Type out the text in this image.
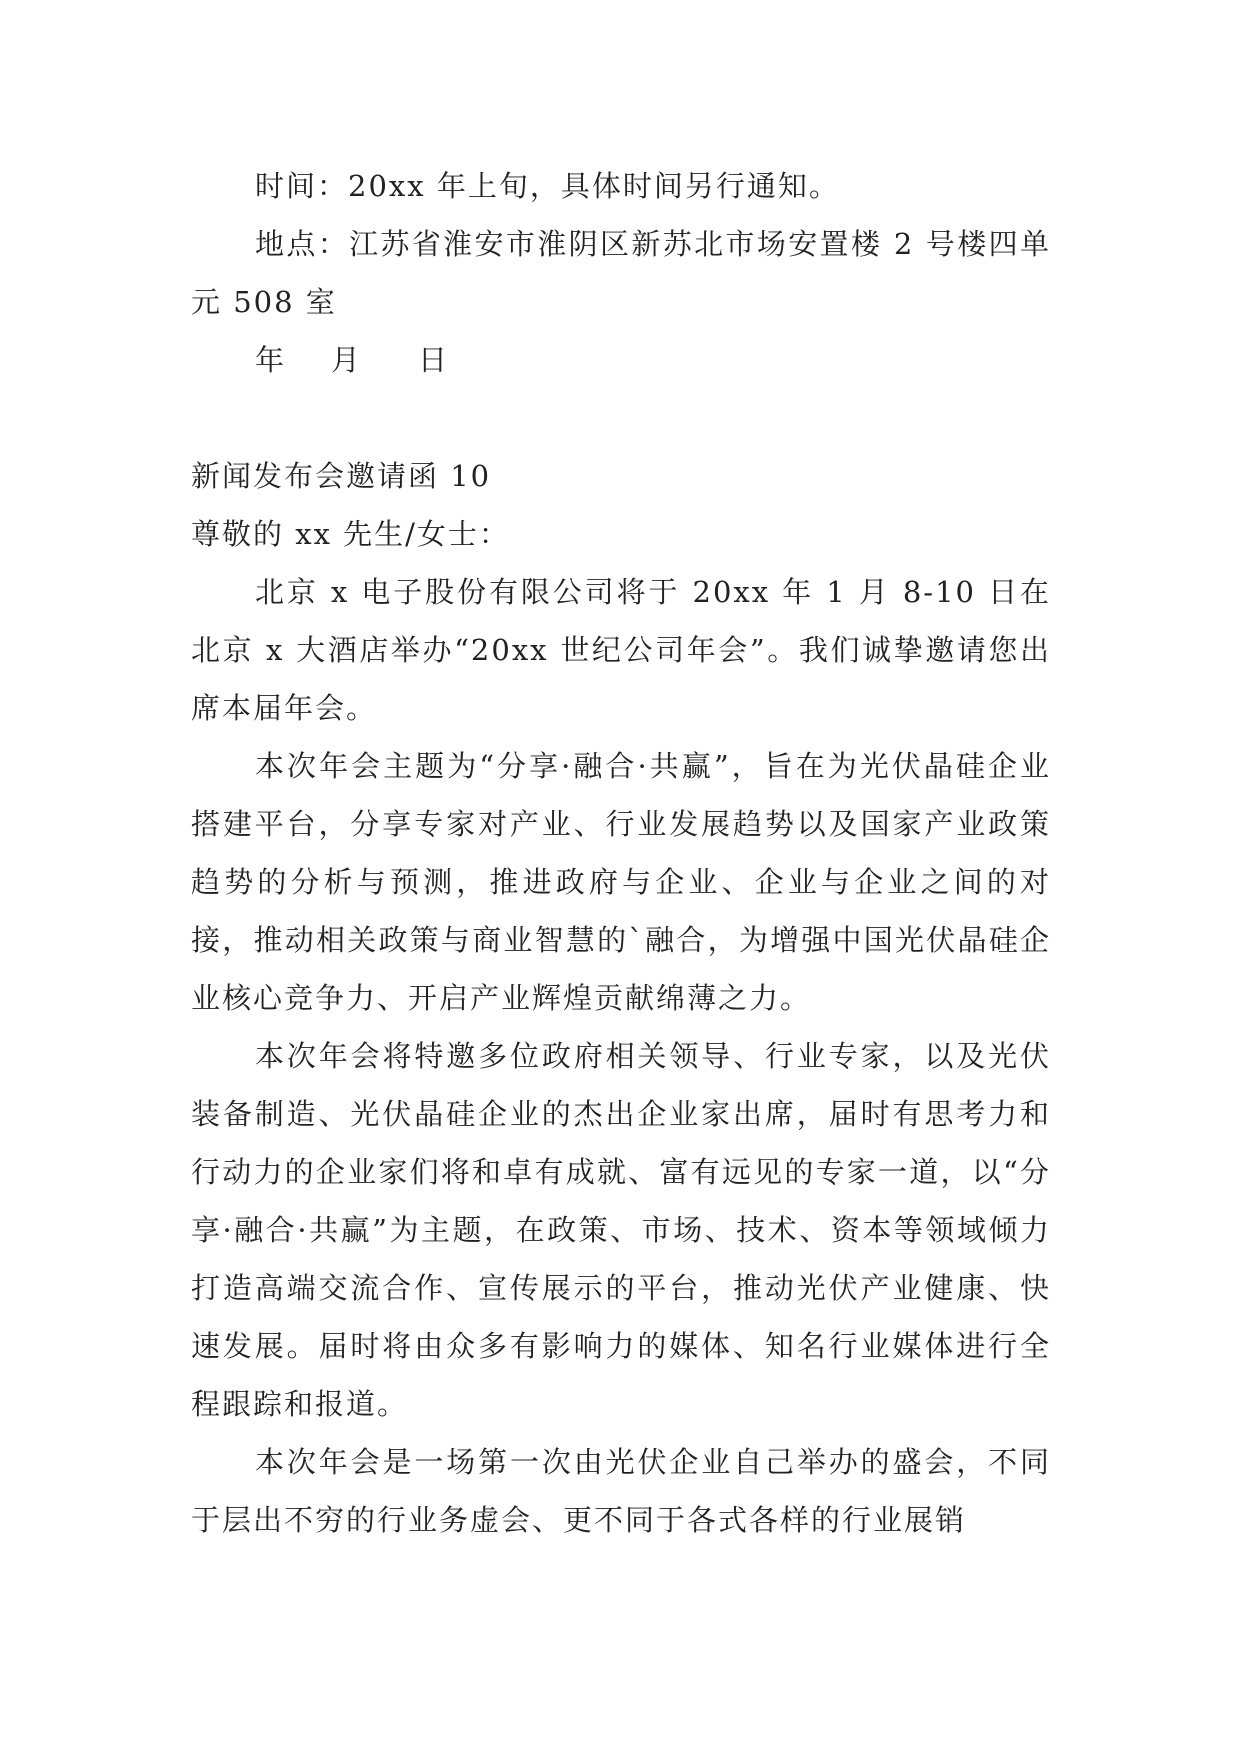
时间：20xx 年上旬，具体时间另行通知。

地点：江苏省淮安市淮阴区新苏北市场安置楼 2 号楼四单元 508 室

年    月     日

新闻发布会邀请函 10

尊敬的 xx 先生/女士：

北京 x 电子股份有限公司将于 20xx 年 1 月 8-10 日在北京 x 大酒店举办“20xx 世纪公司年会”。我们诚挚邀请您出席本届年会。

本次年会主题为“分享·融合·共赢”，旨在为光伏晶硅企业搭建平台，分享专家对产业、行业发展趋势以及国家产业政策趋势的分析与预测，推进政府与企业、企业与企业之间的对接，推动相关政策与商业智慧的`融合，为增强中国光伏晶硅企业核心竞争力、开启产业辉煌贡献绵薄之力。

本次年会将特邀多位政府相关领导、行业专家，以及光伏装备制造、光伏晶硅企业的杰出企业家出席，届时有思考力和行动力的企业家们将和卓有成就、富有远见的专家一道，以“分享·融合·共赢”为主题，在政策、市场、技术、资本等领域倾力打造高端交流合作、宣传展示的平台，推动光伏产业健康、快速发展。届时将由众多有影响力的媒体、知名行业媒体进行全程跟踪和报道。

本次年会是一场第一次由光伏企业自己举办的盛会，不同于层出不穷的行业务虚会、更不同于各式各样的行业展销
